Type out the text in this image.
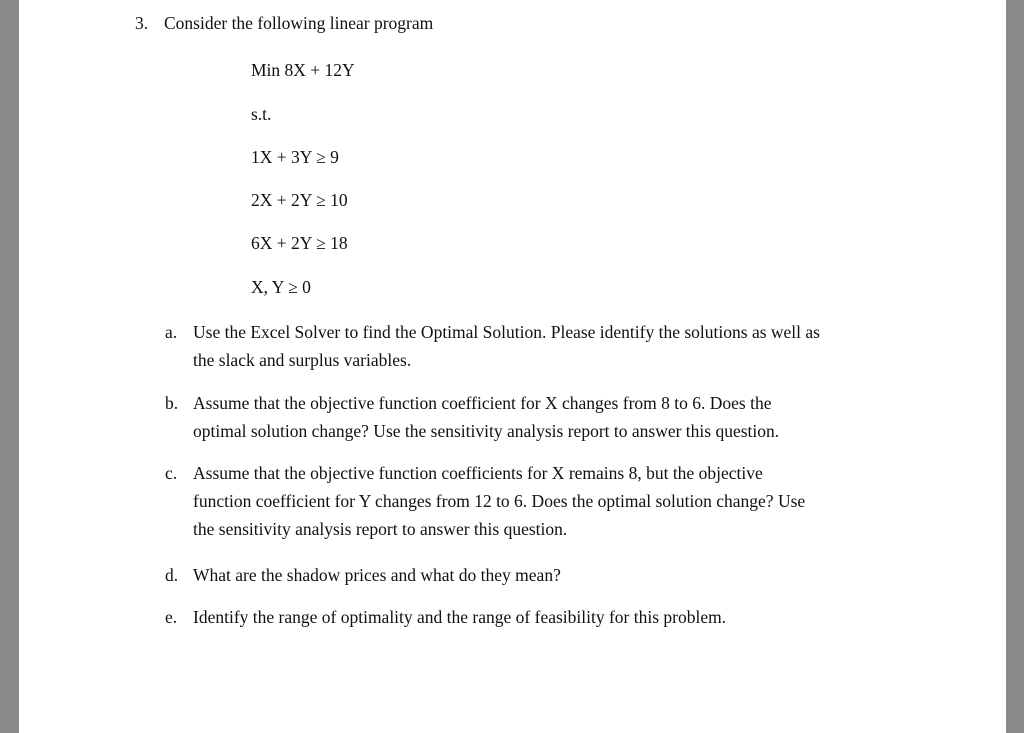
3. Consider the following linear program
Min 8X + 12Y
s.t.
1X + 3Y ≥ 9
2X + 2Y ≥ 10
6X + 2Y ≥ 18
X, Y ≥ 0
a. Use the Excel Solver to find the Optimal Solution. Please identify the solutions as well as
the slack and surplus variables.
b. Assume that the objective function coefficient for X changes from 8 to 6. Does the
optimal solution change? Use the sensitivity analysis report to answer this question.
c. Assume that the objective function coefficients for X remains 8, but the objective
function coefficient for Y changes from 12 to 6. Does the optimal solution change? Use
the sensitivity analysis report to answer this question.
d. What are the shadow prices and what do they mean?
e. Identify the range of optimality and the range of feasibility for this problem.
